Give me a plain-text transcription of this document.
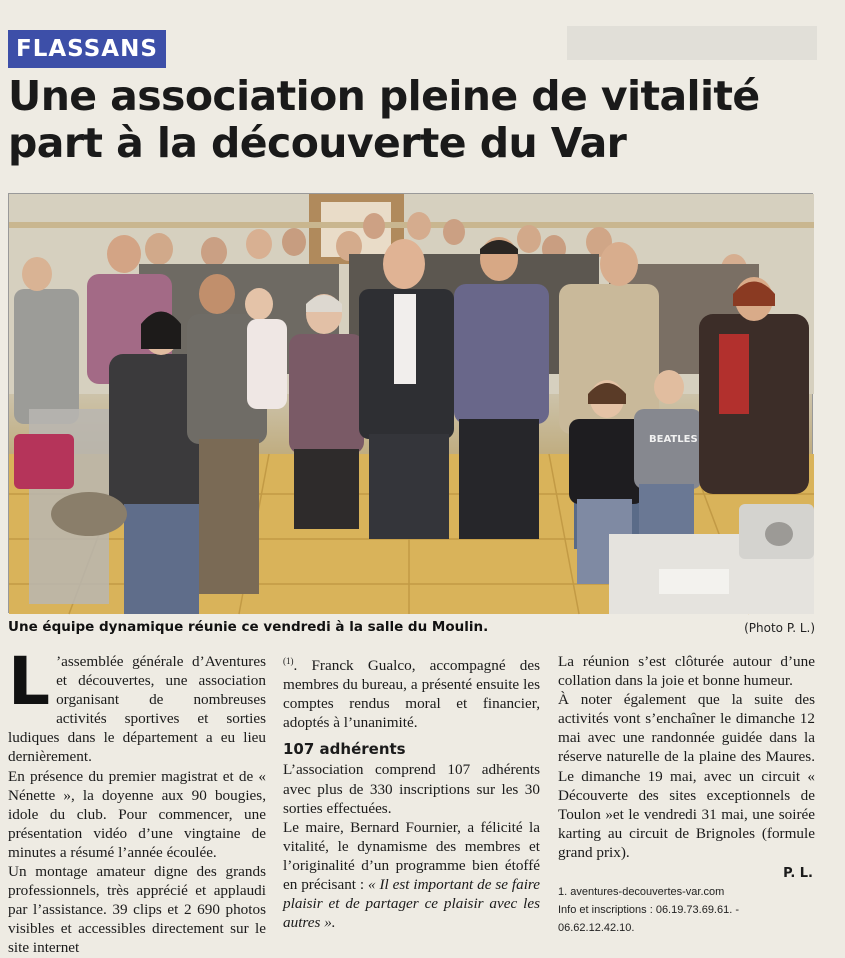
FLASSANS
Une association pleine de vitalité part à la découverte du Var
BEATLES
Une équipe dynamique réunie ce vendredi à la salle du Moulin.	(Photo P. L.)
L ’assemblée générale d’Aventures et découvertes, une association organisant de nombreuses activités sportives et sorties ludiques dans le département a eu lieu dernièrement.

En présence du premier magistrat et de « Nénette », la doyenne aux 90 bougies, idole du club. Pour commencer, une présentation vidéo d’une vingtaine de minutes a résumé l’année écoulée.

Un montage amateur digne des grands professionnels, très apprécié et applaudi par l’assistance. 39 clips et 2 690 photos visibles et accessibles directement sur le site internet

$^{(1)}$. Franck Gualco, accompagné des membres du bureau, a présenté ensuite les comptes rendus moral et financier, adoptés à l’unanimité.

107 adhérents

L’association comprend 107 adhérents avec plus de 330 inscriptions sur les 30 sorties effectuées.

Le maire, Bernard Fournier, a félicité la vitalité, le dynamisme des membres et l’originalité d’un programme bien étoffé en précisant : « Il est important de se faire plaisir et de partager ce plaisir avec les autres ».

La réunion s’est clôturée autour d’une collation dans la joie et bonne humeur.

À noter également que la suite des activités vont s’enchaîner le dimanche 12 mai avec une randonnée guidée dans la réserve naturelle de la plaine des Maures. Le dimanche 19 mai, avec un circuit « Découverte des sites exceptionnels de Toulon »et le vendredi 31 mai, une soirée karting au circuit de Brignoles (formule grand prix).

P. L.
1. aventures-decouvertes-var.com
Info et inscriptions : 06.19.73.69.61. - 06.62.12.42.10.
